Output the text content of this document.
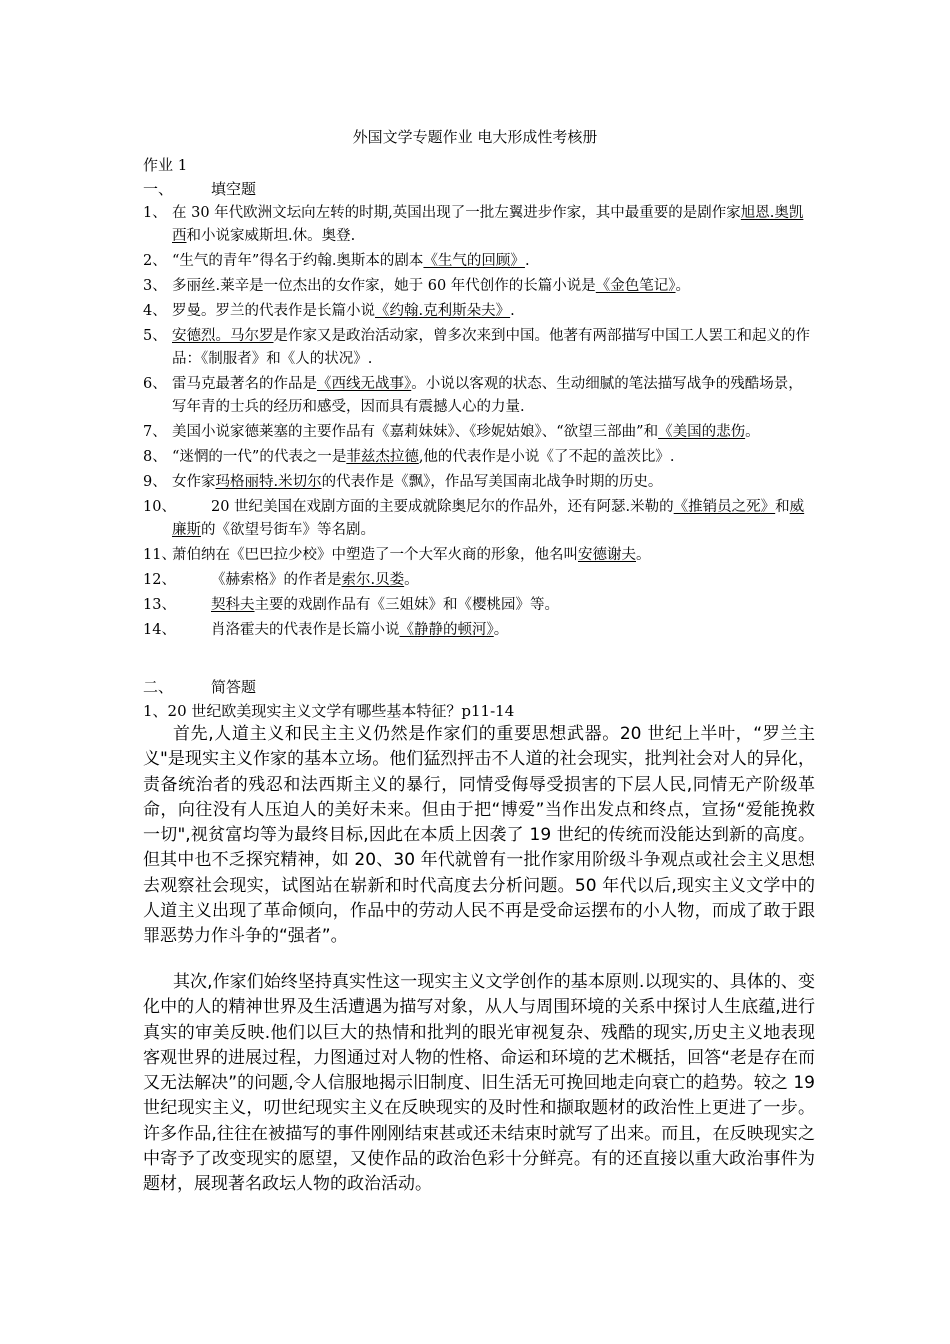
外国文学专题作业 电大形成性考核册
作业 1
一、	填空题
1、 在 30 年代欧洲文坛向左转的时期,英国出现了一批左翼进步作家，其中最重要的是剧作家旭恩.奥凯西和小说家威斯坦.休。奥登.
2、 “生气的青年”得名于约翰.奥斯本的剧本《生气的回顾》.
3、 多丽丝.莱辛是一位杰出的女作家，她于 60 年代创作的长篇小说是《金色笔记》。
4、 罗曼。罗兰的代表作是长篇小说《约翰.克利斯朵夫》.
5、 安德烈。马尔罗是作家又是政治活动家，曾多次来到中国。他著有两部描写中国工人罢工和起义的作品：《制服者》和《人的状况》.
6、 雷马克最著名的作品是《西线无战事》。小说以客观的状态、生动细腻的笔法描写战争的残酷场景，写年青的士兵的经历和感受，因而具有震撼人心的力量.
7、 美国小说家德莱塞的主要作品有《嘉莉妹妹》、《珍妮姑娘》、“欲望三部曲”和《美国的悲伤。
8、 “迷惘的一代”的代表之一是菲兹杰拉德,他的代表作是小说《了不起的盖茨比》.
9、 女作家玛格丽特.米切尔的代表作是《飘》，作品写美国南北战争时期的历史。
10、 20 世纪美国在戏剧方面的主要成就除奥尼尔的作品外，还有阿瑟.米勒的《推销员之死》和威廉斯的《欲望号街车》等名剧。
11、
萧伯纳在《巴巴拉少校》中塑造了一个大军火商的形象，他名叫安德谢夫。
12、 《赫索格》的作者是索尔.贝娄。
13、 契科夫主要的戏剧作品有《三姐妹》和《樱桃园》等。
14、 肖洛霍夫的代表作是长篇小说《静静的顿河》。
二、	简答题
1、20 世纪欧美现实主义文学有哪些基本特征？p11-14

首先,人道主义和民主主义仍然是作家们的重要思想武器。20 世纪上半叶，“罗兰主义"是现实主义作家的基本立场。他们猛烈抨击不人道的社会现实，批判社会对人的异化，责备统治者的残忍和法西斯主义的暴行，同情受侮辱受损害的下层人民,同情无产阶级革命，向往没有人压迫人的美好未来。但由于把“博爱”当作出发点和终点，宣扬“爱能挽救一切",视贫富均等为最终目标,因此在本质上因袭了 19 世纪的传统而没能达到新的高度。但其中也不乏探究精神，如 20、30 年代就曾有一批作家用阶级斗争观点或社会主义思想去观察社会现实，试图站在崭新和时代高度去分析问题。50 年代以后,现实主义文学中的人道主义出现了革命倾向，作品中的劳动人民不再是受命运摆布的小人物，而成了敢于跟罪恶势力作斗争的“强者”。

其次,作家们始终坚持真实性这一现实主义文学创作的基本原则.以现实的、具体的、变化中的人的精神世界及生活遭遇为描写对象，从人与周围环境的关系中探讨人生底蕴,进行真实的审美反映.他们以巨大的热情和批判的眼光审视复杂、残酷的现实,历史主义地表现客观世界的进展过程，力图通过对人物的性格、命运和环境的艺术概括，回答“老是存在而又无法解决”的问题,令人信服地揭示旧制度、旧生活无可挽回地走向衰亡的趋势。较之 19 世纪现实主义，叨世纪现实主义在反映现实的及时性和撷取题材的政治性上更进了一步。许多作品,往往在被描写的事件刚刚结束甚或还未结束时就写了出来。而且，在反映现实之中寄予了改变现实的愿望，又使作品的政治色彩十分鲜亮。有的还直接以重大政治事件为题材，展现著名政坛人物的政治活动。
